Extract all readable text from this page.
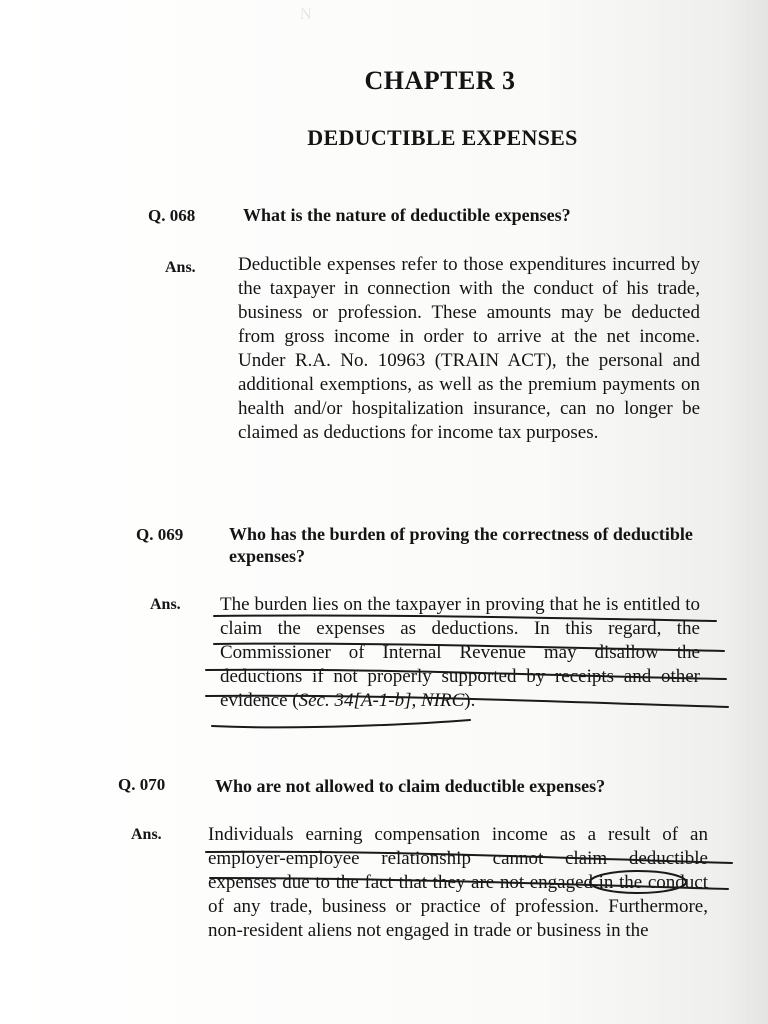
Ν
CHAPTER 3
DEDUCTIBLE EXPENSES
Q. 068	What is the nature of deductible expenses?
Ans. Deductible expenses refer to those expenditures incurred by the taxpayer in connection with the conduct of his trade, business or profession. These amounts may be deducted from gross income in order to arrive at the net income. Under R.A. No. 10963 (TRAIN ACT), the personal and additional exemptions, as well as the premium payments on health and/or hospitalization insurance, can no longer be claimed as deductions for income tax purposes.
Q. 069	Who has the burden of proving the correctness of deductible expenses?
Ans. The burden lies on the taxpayer in proving that he is entitled to claim the expenses as deductions. In this regard, the Commissioner of Internal Revenue may disallow the deductions if not properly supported by receipts and other evidence (Sec. 34[A-1-b], NIRC).
Q. 070	Who are not allowed to claim deductible expenses?
Ans. Individuals earning compensation income as a result of an employer-employee relationship cannot claim deductible expenses due to the fact that they are not engaged in the conduct of any trade, business or practice of profession. Furthermore, non-resident aliens not engaged in trade or business in the
